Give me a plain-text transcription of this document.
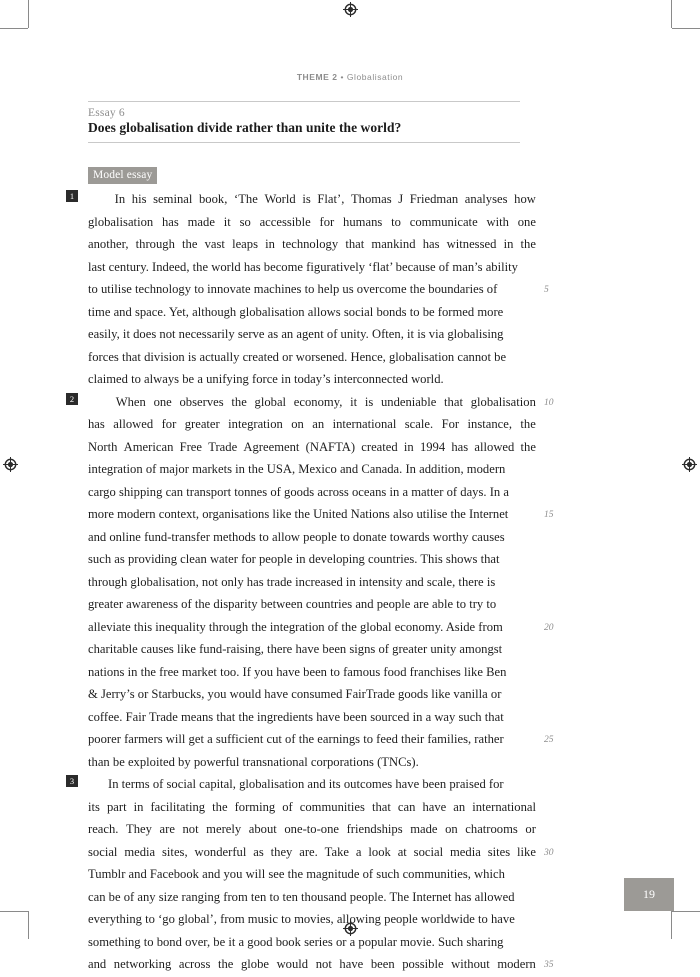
THEME 2 • Globalisation
Essay 6
Does globalisation divide rather than unite the world?
Model essay
1	In his seminal book, ‘The World is Flat’, Thomas J Friedman analyses how
globalisation has made it so accessible for humans to communicate with one
another, through the vast leaps in technology that mankind has witnessed in the
last century. Indeed, the world has become figuratively ‘flat’ because of man’s ability
to utilise technology to innovate machines to help us overcome the boundaries of	5
time and space. Yet, although globalisation allows social bonds to be formed more
easily, it does not necessarily serve as an agent of unity. Often, it is via globalising
forces that division is actually created or worsened. Hence, globalisation cannot be
claimed to always be a unifying force in today’s interconnected world.
2	When one observes the global economy, it is undeniable that globalisation 10
has allowed for greater integration on an international scale. For instance, the
North American Free Trade Agreement (NAFTA) created in 1994 has allowed the
integration of major markets in the USA, Mexico and Canada. In addition, modern
cargo shipping can transport tonnes of goods across oceans in a matter of days. In a
more modern context, organisations like the United Nations also utilise the Internet	15
and online fund-transfer methods to allow people to donate towards worthy causes
such as providing clean water for people in developing countries. This shows that
through globalisation, not only has trade increased in intensity and scale, there is
greater awareness of the disparity between countries and people are able to try to
alleviate this inequality through the integration of the global economy. Aside from	20
charitable causes like fund-raising, there have been signs of greater unity amongst
nations in the free market too. If you have been to famous food franchises like Ben
& Jerry’s or Starbucks, you would have consumed FairTrade goods like vanilla or
coffee. Fair Trade means that the ingredients have been sourced in a way such that
poorer farmers will get a sufficient cut of the earnings to feed their families, rather	25
than be exploited by powerful transnational corporations (TNCs).
3	In terms of social capital, globalisation and its outcomes have been praised for
its part in facilitating the forming of communities that can have an international
reach. They are not merely about one-to-one friendships made on chatrooms or
social media sites, wonderful as they are. Take a look at social media sites like 30
Tumblr and Facebook and you will see the magnitude of such communities, which
can be of any size ranging from ten to ten thousand people. The Internet has allowed
everything to ‘go global’, from music to movies, allowing people worldwide to have
something to bond over, be it a good book series or a popular movie. Such sharing
and networking across the globe would not have been possible without modern 35
19
